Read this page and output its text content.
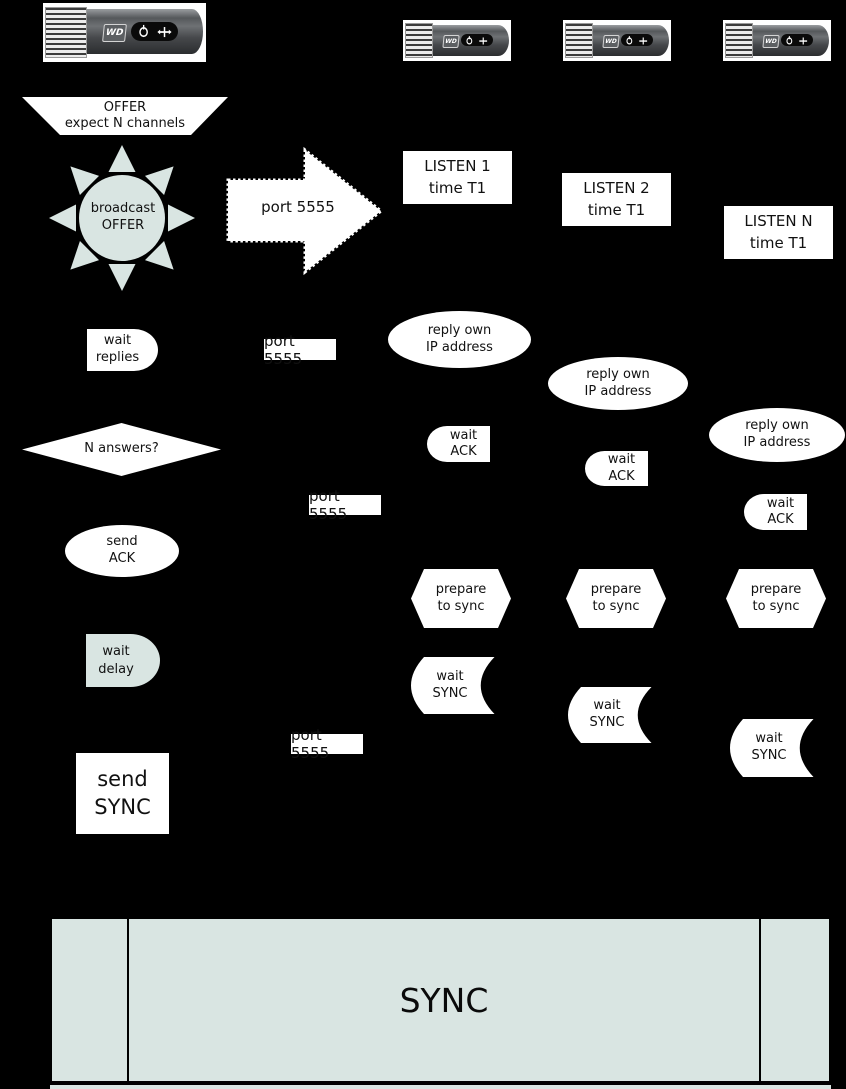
WD
WD	WD	WD
OFFER
expect N channels
broadcast
OFFER
port 5555
wait
replies
N answers?
send
ACK
wait
delay
send
SYNC
port 5555
port 5555
port 5555
LISTEN 1
time T1
reply own
IP address
wait
ACK
prepare
to sync
wait
SYNC
LISTEN 2
time T1
reply own
IP address
wait
ACK
prepare
to sync
wait
SYNC
LISTEN N
time T1
reply own
IP address
wait
ACK
prepare
to sync
wait
SYNC
SYNC
